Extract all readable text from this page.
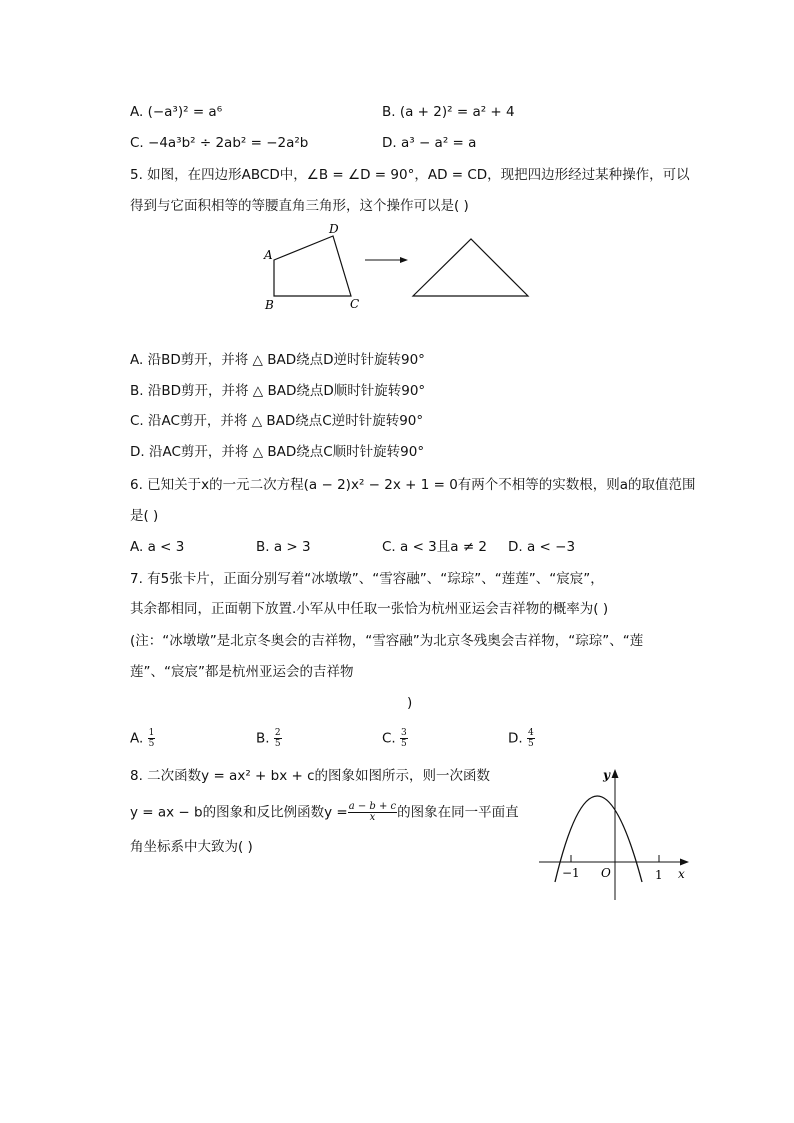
A. (−a³)² = a⁶	B. (a + 2)² = a² + 4
C. −4a³b² ÷ 2ab² = −2a²b	D. a³ − a² = a
5. 如图，在四边形ABCD中，∠B = ∠D = 90°，AD = CD，现把四边形经过某种操作，可以
得到与它面积相等的等腰直角三角形，这个操作可以是( )
A
D
B	C
A. 沿BD剪开，并将 △ BAD绕点D逆时针旋转90°
B. 沿BD剪开，并将 △ BAD绕点D顺时针旋转90°
C. 沿AC剪开，并将 △ BAD绕点C逆时针旋转90°
D. 沿AC剪开，并将 △ BAD绕点C顺时针旋转90°
6. 已知关于x的一元二次方程(a − 2)x² − 2x + 1 = 0有两个不相等的实数根，则a的取值范围
是( )
A. a < 3	B. a > 3	C. a < 3且a ≠ 2 D. a < −3
7. 有5张卡片，正面分别写着“冰墩墩”、“雪容融”、“琮琮”、“莲莲”、“宸宸”，
其余都相同，正面朝下放置.小军从中任取一张恰为杭州亚运会吉祥物的概率为( )
(注：“冰墩墩”是北京冬奥会的吉祥物，“雪容融”为北京冬残奥会吉祥物，“琮琮”、“莲
莲”、“宸宸”都是杭州亚运会的吉祥物
)
A. $\frac{1}{5}$	B. $\frac{2}{5}$	C. $\frac{3}{5}$	D. $\frac{4}{5}$
8. 二次函数y = ax² + bx + c的图象如图所示，则一次函数
y = ax − b的图象和反比例函数$y = \frac{a - b + c}{x}$ 的图象在同一平面直
角坐标系中大致为( )
y
x
O
−1	1
